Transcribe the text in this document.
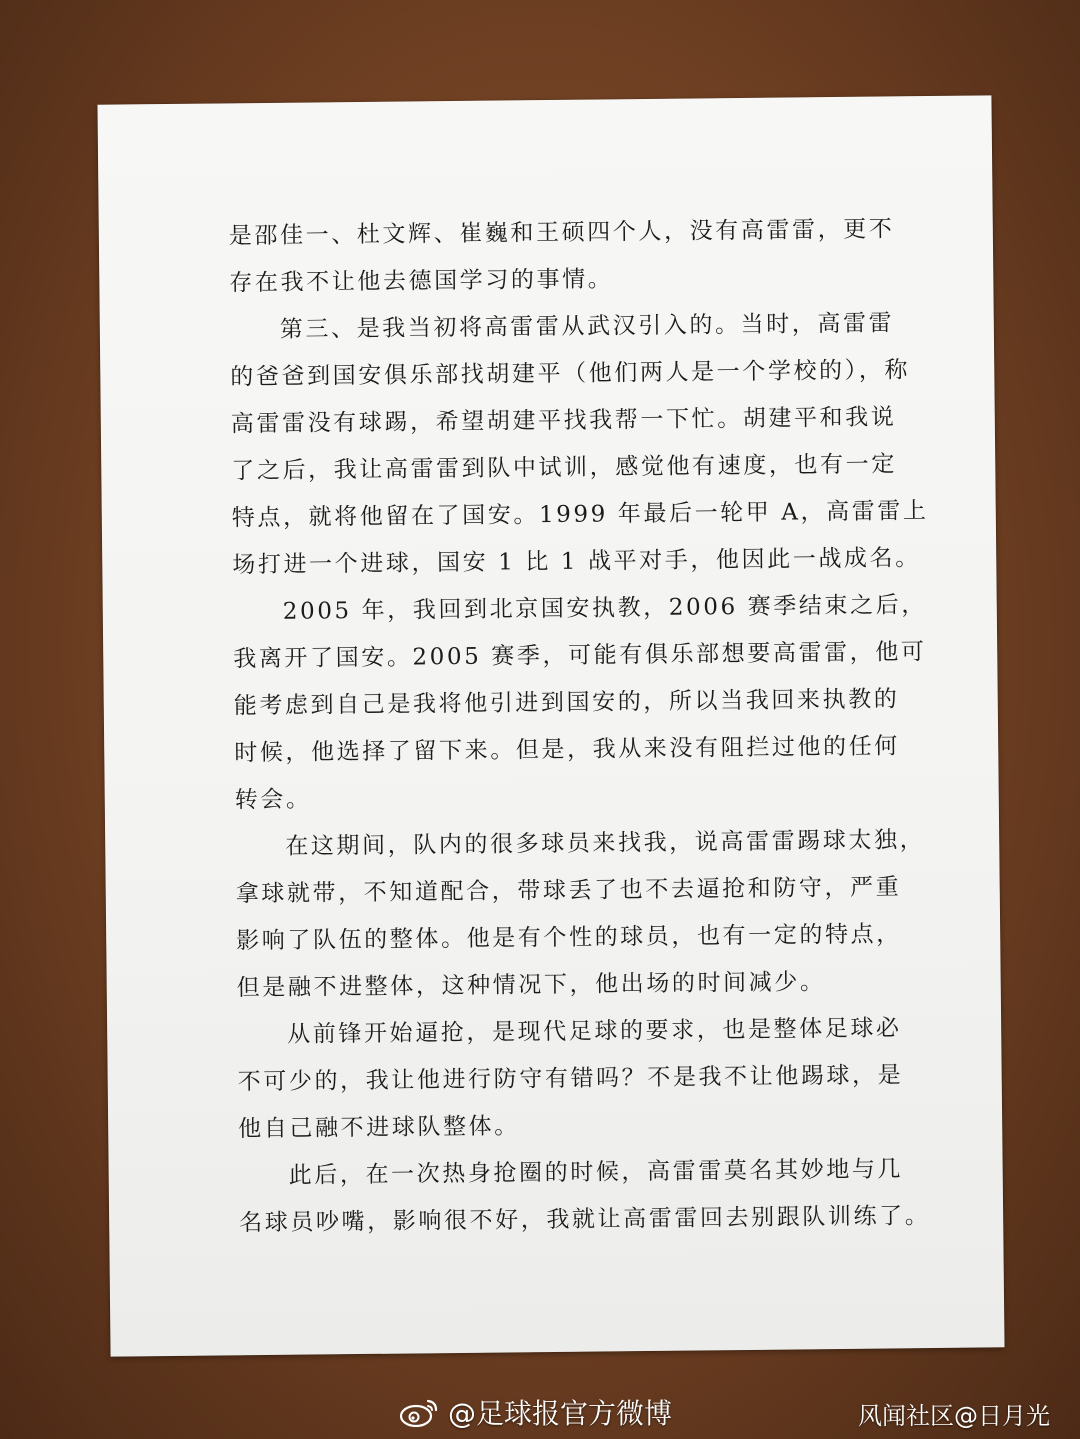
是邵佳一、杜文辉、崔巍和王硕四个人，没有高雷雷，更不
存在我不让他去德国学习的事情。
第三、是我当初将高雷雷从武汉引入的。当时，高雷雷
的爸爸到国安俱乐部找胡建平（他们两人是一个学校的），称
高雷雷没有球踢，希望胡建平找我帮一下忙。胡建平和我说
了之后，我让高雷雷到队中试训，感觉他有速度，也有一定
特点，就将他留在了国安。1999 年最后一轮甲 A，高雷雷上
场打进一个进球，国安 1 比 1 战平对手，他因此一战成名。
2005 年，我回到北京国安执教，2006 赛季结束之后，
我离开了国安。2005 赛季，可能有俱乐部想要高雷雷，他可
能考虑到自己是我将他引进到国安的，所以当我回来执教的
时候，他选择了留下来。但是，我从来没有阻拦过他的任何
转会。
在这期间，队内的很多球员来找我，说高雷雷踢球太独，
拿球就带，不知道配合，带球丢了也不去逼抢和防守，严重
影响了队伍的整体。他是有个性的球员，也有一定的特点，
但是融不进整体，这种情况下，他出场的时间减少。
从前锋开始逼抢，是现代足球的要求，也是整体足球必
不可少的，我让他进行防守有错吗？不是我不让他踢球，是
他自己融不进球队整体。
此后，在一次热身抢圈的时候，高雷雷莫名其妙地与几
名球员吵嘴，影响很不好，我就让高雷雷回去别跟队训练了。
@足球报官方微博	风闻社区@日月光
